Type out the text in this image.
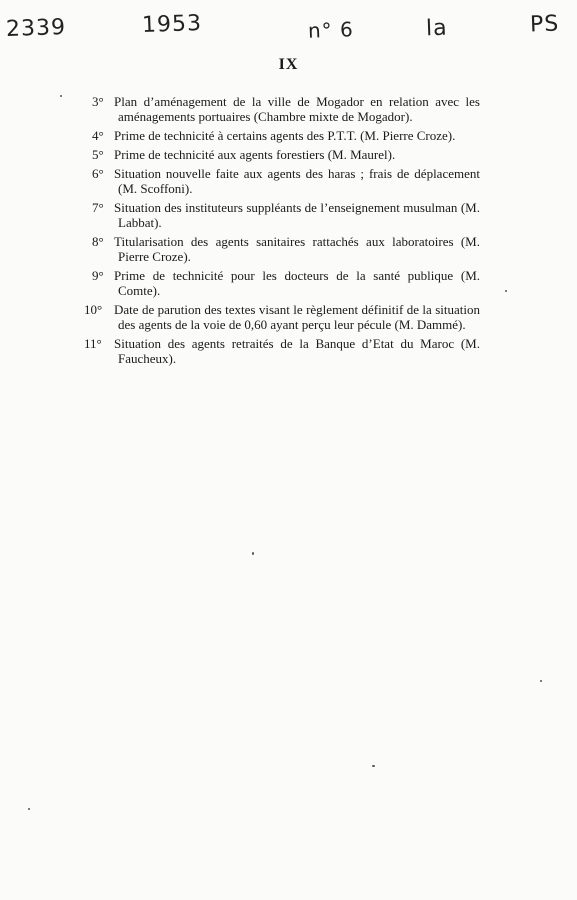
2339	1953	n° 6	la	PS
IX
3° Plan d’aménagement de la ville de Mogador en relation avec les aménagements portuaires (Chambre mixte de Mogador).
4° Prime de technicité à certains agents des P.T.T. (M. Pierre Croze).
5° Prime de technicité aux agents forestiers (M. Maurel).
6° Situation nouvelle faite aux agents des haras ; frais de déplacement (M. Scoffoni).
7° Situation des instituteurs suppléants de l’enseignement musulman (M. Labbat).
8° Titularisation des agents sanitaires rattachés aux laboratoires (M. Pierre Croze).
9° Prime de technicité pour les docteurs de la santé publique (M. Comte).
10° Date de parution des textes visant le règlement définitif de la situation des agents de la voie de 0,60 ayant perçu leur pécule (M. Dammé).
11° Situation des agents retraités de la Banque d’Etat du Maroc (M. Faucheux).
